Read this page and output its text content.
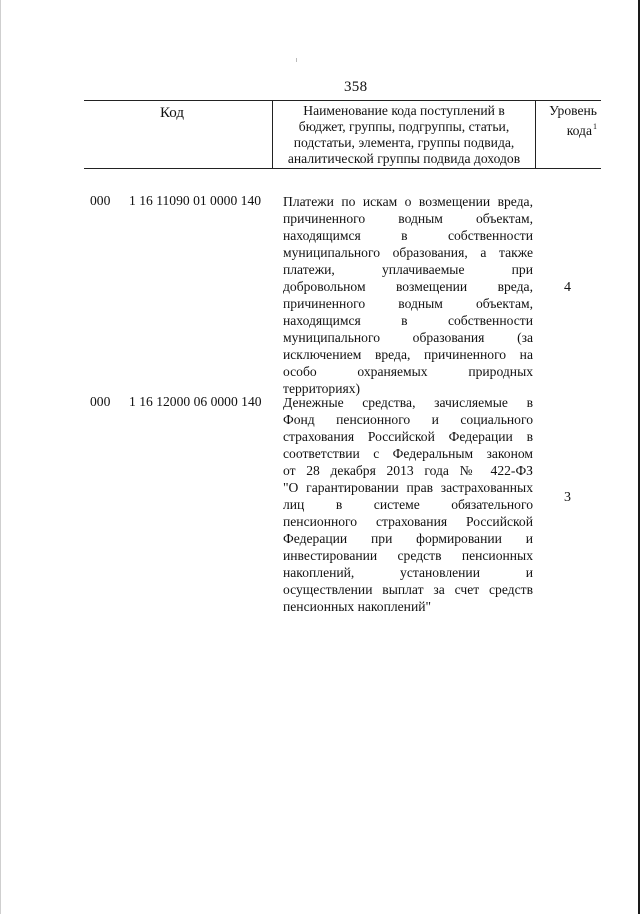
358
Код	Наименование кода поступлений в
бюджет, группы, подгруппы, статьи,
подстатьи, элемента, группы подвида,
аналитической группы подвида доходов
Уровень
кода$^1$
000 1 16 11090 01 0000 140 Платежи по искам о возмещении вреда,
причиненного водным объектам,
находящимся в собственности
муниципального образования, а также
платежи, уплачиваемые при
добровольном возмещении вреда,
причиненного водным объектам,
находящимся в собственности
муниципального образования (за
исключением вреда, причиненного на
особо охраняемых природных
территориях)
4
000 1 16 12000 06 0000 140 Денежные средства, зачисляемые в
Фонд пенсионного и социального
страхования Российской Федерации в
соответствии с Федеральным законом
от 28 декабря 2013 года № 422-ФЗ
"О гарантировании прав застрахованных
лиц в системе обязательного
пенсионного страхования Российской
Федерации при формировании и
инвестировании средств пенсионных
накоплений, установлении и
осуществлении выплат за счет средств
пенсионных накоплений"
3
